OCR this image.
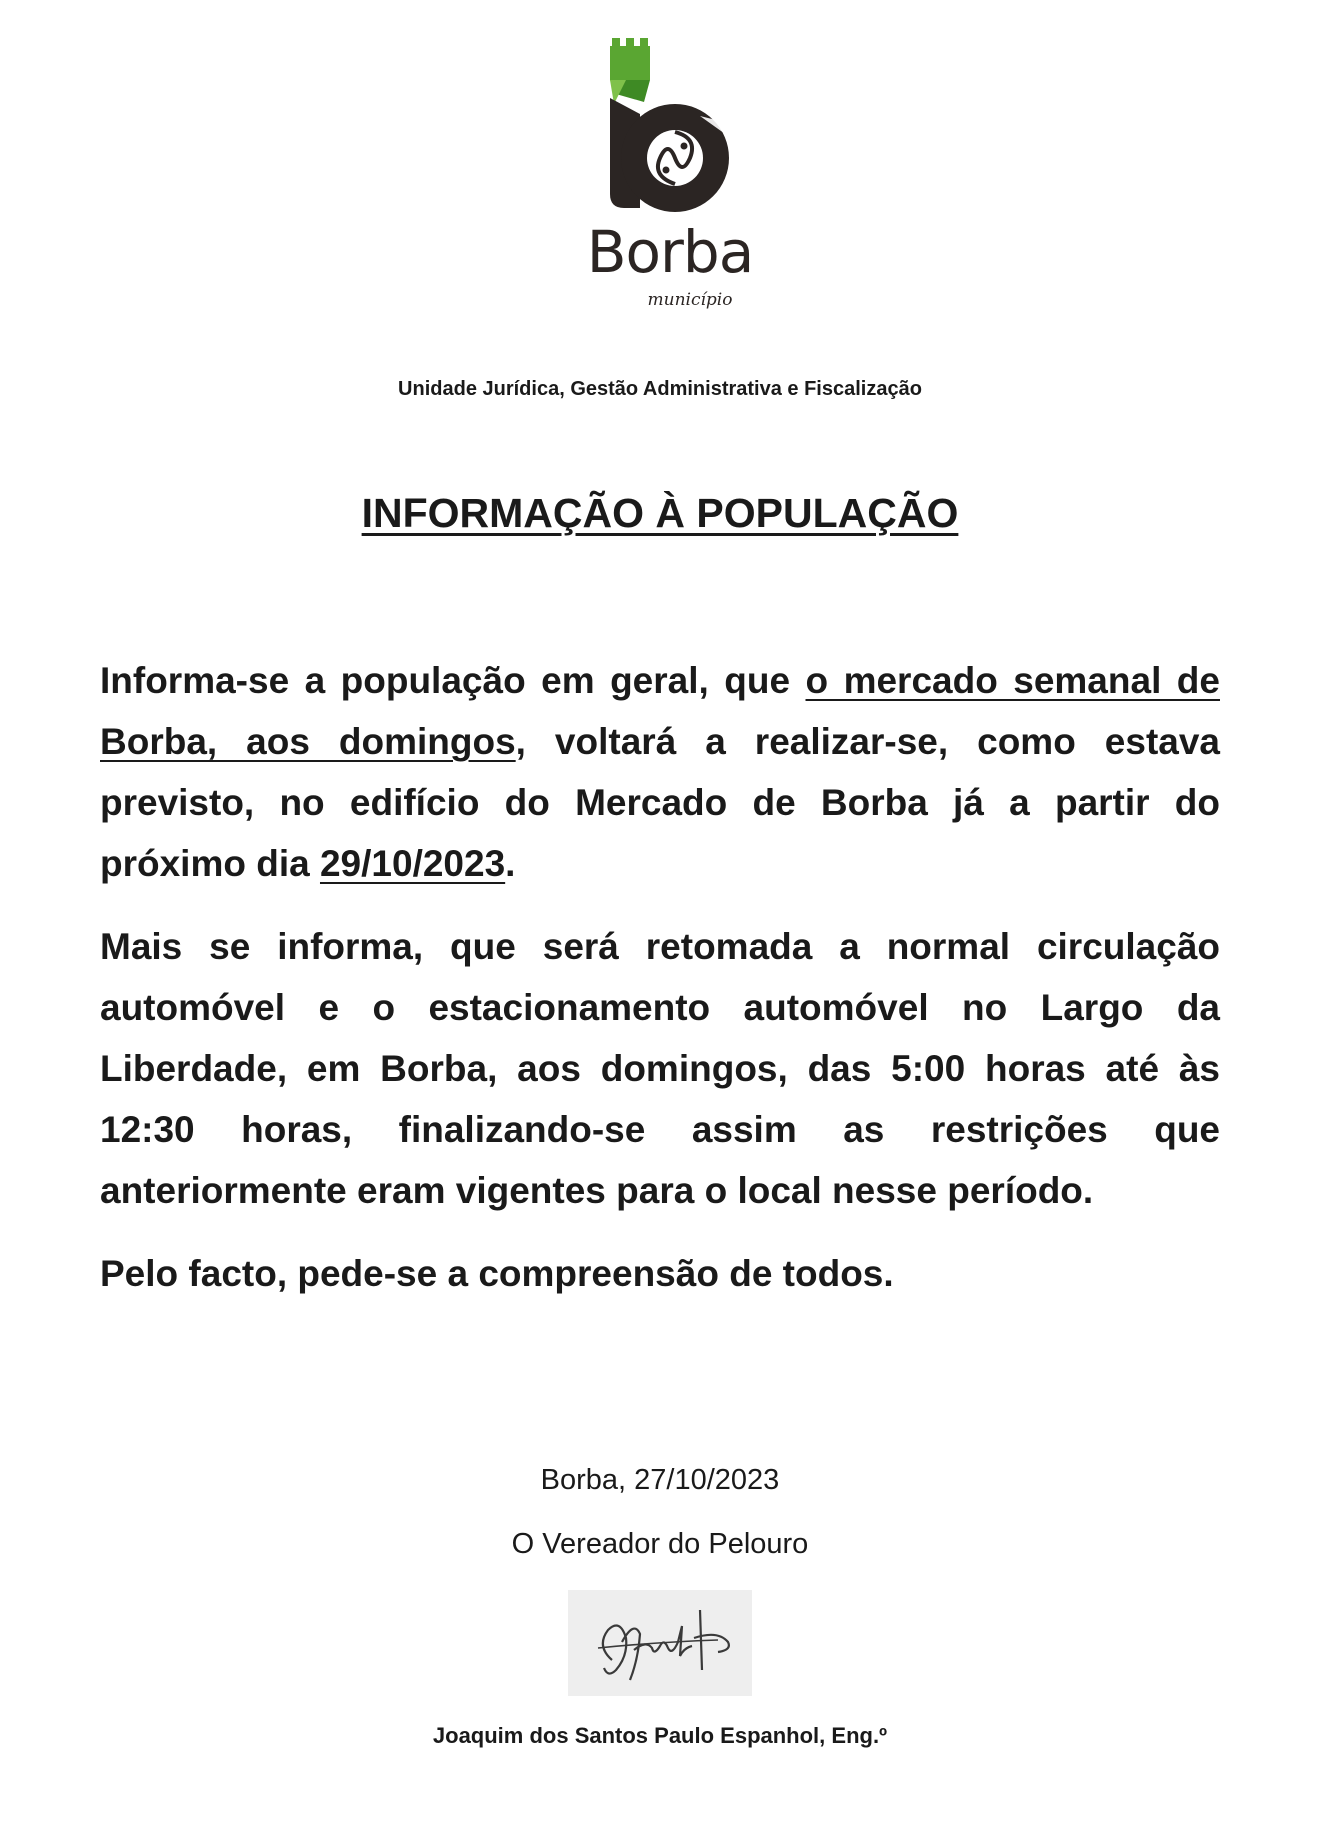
Borba
município
Unidade Jurídica, Gestão Administrativa e Fiscalização
INFORMAÇÃO À POPULAÇÃO

Informa-se a população em geral, que o mercado semanal de Borba, aos domingos, voltará a realizar-se, como estava previsto, no edifício do Mercado de Borba já a partir do próximo dia 29/10/2023.

Mais se informa, que será retomada a normal circulação automóvel e o estacionamento automóvel no Largo da Liberdade, em Borba, aos domingos, das 5:00 horas até às 12:30 horas, finalizando-se assim as restrições que anteriormente eram vigentes para o local nesse período.

Pelo facto, pede-se a compreensão de todos.

Borba, 27/10/2023
O Vereador do Pelouro
Joaquim dos Santos Paulo Espanhol, Eng.º
